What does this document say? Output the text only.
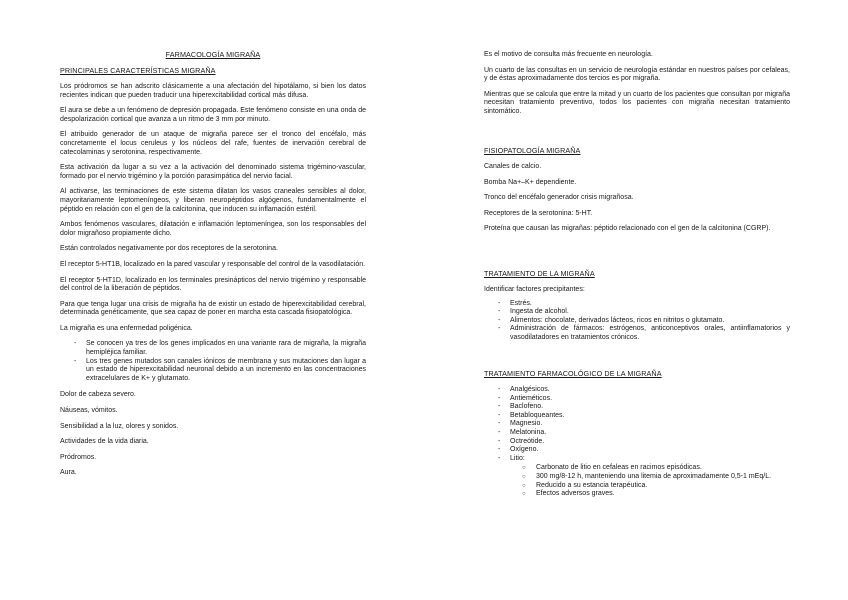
FARMACOLOGÍA MIGRAÑA
PRINCIPALES CARACTERÍSTICAS MIGRAÑA

Los pródromos se han adscrito clásicamente a una afectación del hipotálamo, si bien los datos recientes indican que pueden traducir una hiperexcitabilidad cortical más difusa.

El aura se debe a un fenómeno de depresión propagada. Este fenómeno consiste en una onda de despolarización cortical que avanza a un ritmo de 3 mm por minuto.

El atribuido generador de un ataque de migraña parece ser el tronco del encéfalo, más concretamente el locus ceruleus y los núcleos del rafe, fuentes de inervación cerebral de catecolaminas y serotonina, respectivamente.

Esta activación da lugar a su vez a la activación del denominado sistema trigémino-vascular, formado por el nervio trigémino y la porción parasimpática del nervio facial.

Al activarse, las terminaciones de este sistema dilatan los vasos craneales sensibles al dolor, mayoritariamente leptomeníngeos, y liberan neuropéptidos algógenos, fundamentalmente el péptido en relación con el gen de la calcitonina, que inducen su inflamación estéril.

Ambos fenómenos vasculares, dilatación e inflamación leptomeníngea, son los responsables del dolor migrañoso propiamente dicho.

Están controlados negativamente por dos receptores de la serotonina.

El receptor 5-HT1B, localizado en la pared vascular y responsable del control de la vasodilatación.

El receptor 5-HT1D, localizado en los terminales presinápticos del nervio trigémino y responsable del control de la liberación de péptidos.

Para que tenga lugar una crisis de migraña ha de existir un estado de hiperexcitabilidad cerebral, determinada genéticamente, que sea capaz de poner en marcha esta cascada fisiopatológica.

La migraña es una enfermedad poligénica.

- Se conocen ya tres de los genes implicados en una variante rara de migraña, la migraña hemipléjica familiar.
- Los tres genes mutados son canales iónicos de membrana y sus mutaciones dan lugar a un estado de hiperexcitabilidad neuronal debido a un incremento en las concentraciones extracelulares de K+ y glutamato.

Dolor de cabeza severo.

Náuseas, vómitos.

Sensibilidad a la luz, olores y sonidos.

Actividades de la vida diaria.

Pródromos.

Aura.

Es el motivo de consulta más frecuente en neurología.

Un cuarto de las consultas en un servicio de neurología estándar en nuestros países por cefaleas, y de éstas aproximadamente dos tercios es por migraña.

Mientras que se calcula que entre la mitad y un cuarto de los pacientes que consultan por migraña necesitan tratamiento preventivo, todos los pacientes con migraña necesitan tratamiento sintomático.

FISIOPATOLOGÍA MIGRAÑA

Canales de calcio.

Bomba Na+–K+ dependiente.

Tronco del encéfalo generador crisis migrañosa.

Receptores de la serotonina: 5-HT.

Proteína que causan las migrañas: péptido relacionado con el gen de la calcitonina (CGRP).

TRATAMIENTO DE LA MIGRAÑA

Identificar factores precipitantes:

- Estrés.
- Ingesta de alcohol.
- Alimentos: chocolate, derivados lácteos, ricos en nitritos o glutamato.
- Administración de fármacos: estrógenos, anticonceptivos orales, antiinflamatorios y vasodilatadores en tratamientos crónicos.
TRATAMIENTO FARMACOLÓGICO DE LA MIGRAÑA
- Analgésicos.
- Antieméticos.
- Baclofeno.
- Betabloqueantes.
- Magnesio.
- Melatonina.
- Octreótide.
- Oxígeno.
- Litio:
○ Carbonato de litio en cefaleas en racimos episódicas.
○ 300 mg/8-12 h, manteniendo una litemia de aproximadamente 0,5-1 mEq/L.
○ Reducido a su estancia terapéutica.
○ Efectos adversos graves.
